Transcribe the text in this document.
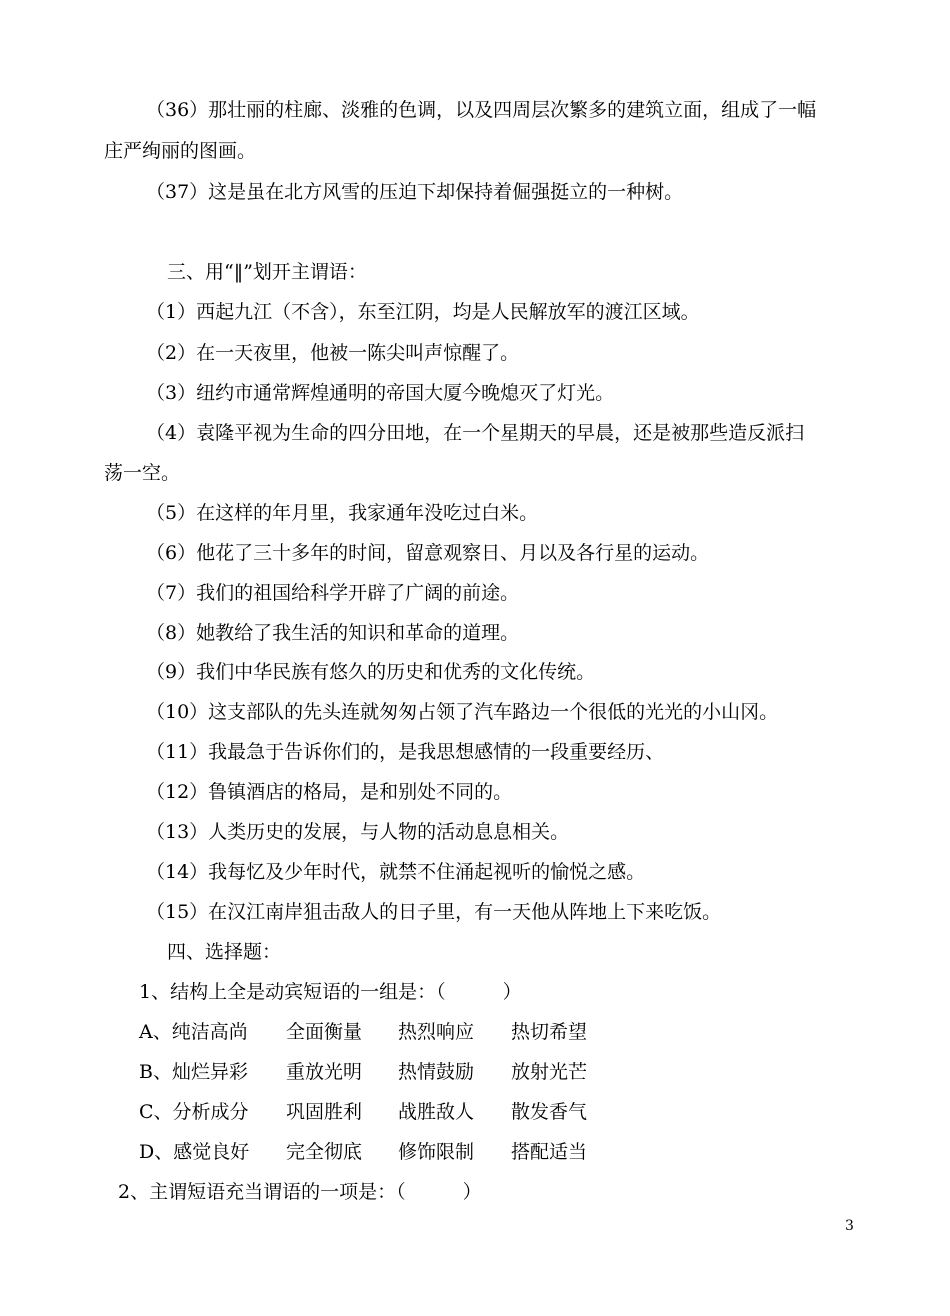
（36）那壮丽的柱廊、淡雅的色调，以及四周层次繁多的建筑立面，组成了一幅
庄严绚丽的图画。
（37）这是虽在北方风雪的压迫下却保持着倔强挺立的一种树。
三、用“‖”划开主谓语：
（1）西起九江（不含），东至江阴，均是人民解放军的渡江区域。
（2）在一天夜里，他被一陈尖叫声惊醒了。
（3）纽约市通常辉煌通明的帝国大厦今晚熄灭了灯光。
（4）袁隆平视为生命的四分田地，在一个星期天的早晨，还是被那些造反派扫
荡一空。
（5）在这样的年月里，我家通年没吃过白米。
（6）他花了三十多年的时间，留意观察日、月以及各行星的运动。
（7）我们的祖国给科学开辟了广阔的前途。
（8）她教给了我生活的知识和革命的道理。
（9）我们中华民族有悠久的历史和优秀的文化传统。
（10）这支部队的先头连就匆匆占领了汽车路边一个很低的光光的小山冈。
（11）我最急于告诉你们的，是我思想感情的一段重要经历、
（12）鲁镇酒店的格局，是和别处不同的。
（13）人类历史的发展，与人物的活动息息相关。
（14）我每忆及少年时代，就禁不住涌起视听的愉悦之感。
（15）在汉江南岸狙击敌人的日子里，有一天他从阵地上下来吃饭。
四、选择题：
1、结构上全是动宾短语的一组是：（　　　）
A、纯洁高尚 全面衡量 热烈响应 热切希望
B、灿烂异彩 重放光明 热情鼓励 放射光芒
C、分析成分 巩固胜利 战胜敌人 散发香气
D、感觉良好 完全彻底 修饰限制 搭配适当
2、主谓短语充当谓语的一项是：（　　　）
3
